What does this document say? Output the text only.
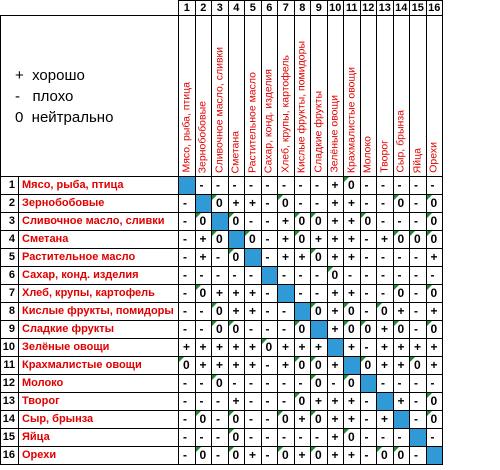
		1	2	3	4	5	6	7	8	9	10	11	12	13	14	15	16

+  хорошо
-   плохо
0  нейтрально		Мясо, рыба, птица	Зернобобовые	Сливочное масло, сливки	Сметана	Растительное масло	Сахар, конд. изделия	Хлеб, крупы, картофель	Кислые фрукты, помидоры	Сладкие фрукты	Зелёные овощи	Крахмалистые овощи	Молоко	Творог	Сыр, брынза	Яйца	Орехи

1	Мясо, рыба, птица		-	-	-	-	-	-	-	-	+	0	-	-	-	-	-
2	Зернобобовые	-		0	+	+	-	0	-	-	+	+	-	-	0	-	0
3	Сливочное масло, сливки	-	0		0	-	-	+	0	0	+	+	0	-	-	-	0
4	Сметана	-	+	0		0	-	+	0	+	+	+	-	+	0	0	0
5	Растительное масло	-	+	-	0		-	+	+	0	+	+	-	-	-	-	+
6	Сахар, конд. изделия	-	-	-	-	-		-	-	-	0	-	-	-	-	-	-
7	Хлеб, крупы, картофель	-	0	+	+	+	-		-	-	+	+	-	-	0	-	0
8	Кислые фрукты, помидоры	-	-	0	+	+	-	-		0	+	0	-	0	+	-	+
9	Сладкие фрукты	-	-	0	0	-	-	-	0		+	0	0	+	0	-	0
10	Зелёные овощи	+	+	+	+	+	0	+	+	+		+	-	+	+	+	+
11	Крахмалистые овощи	0	+	+	+	+	-	+	0	0	+		0	+	+	0	+
12	Молоко	-	-	0	-	-	-	-	-	0	-	0		-	-	-	-
13	Творог	-	-	-	+	-	-	-	0	+	+	+	-		+	-	0
14	Сыр, брынза	-	0	-	0	-	-	0	+	0	+	+	-	+		-	0
15	Яйца	-	-	-	0	-	-	-	-	-	+	0	-	-	-		-
16	Орехи	-	0	-	0	+	-	0	+	0	+	+	-	0	0	-	
